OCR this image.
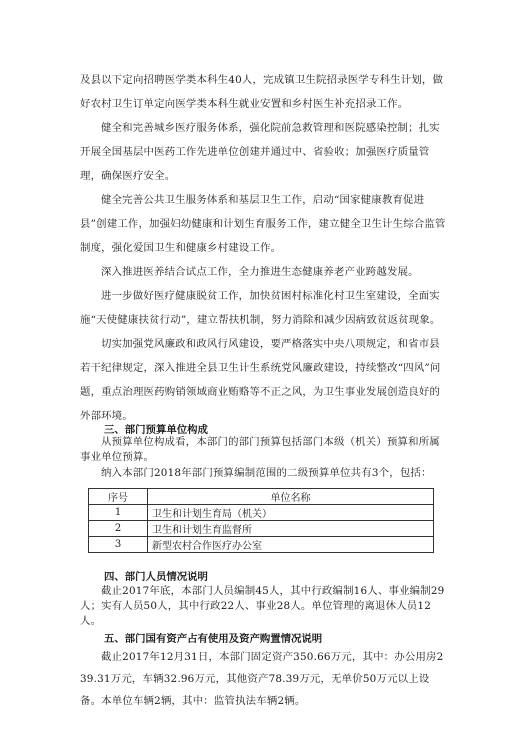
及县以下定向招聘医学类本科生40人，完成镇卫生院招录医学专科生计划，做好农村卫生订单定向医学类本科生就业安置和乡村医生补充招录工作。

健全和完善城乡医疗服务体系，强化院前急救管理和医院感染控制；扎实开展全国基层中医药工作先进单位创建并通过中、省验收；加强医疗质量管理，确保医疗安全。

健全完善公共卫生服务体系和基层卫生工作，启动“国家健康教育促进县”创建工作，加强妇幼健康和计划生育服务工作，建立健全卫生计生综合监管制度，强化爱国卫生和健康乡村建设工作。

深入推进医养结合试点工作，全力推进生态健康养老产业跨越发展。

进一步做好医疗健康脱贫工作，加快贫困村标准化村卫生室建设，全面实施“天使健康扶贫行动”，建立帮扶机制，努力消除和减少因病致贫返贫现象。

切实加强党风廉政和政风行风建设，要严格落实中央八项规定，和省市县若干纪律规定，深入推进全县卫生计生系统党风廉政建设，持续整改“四风”问题，重点治理医药购销领域商业贿赂等不正之风，为卫生事业发展创造良好的外部环境。

三、部门预算单位构成

从预算单位构成看，本部门的部门预算包括部门本级（机关）预算和所属事业单位预算。

纳入本部门2018年部门预算编制范围的二级预算单位共有3个，包括：

序号	单位名称
1	卫生和计划生育局（机关）
2	卫生和计划生育监督所
3	新型农村合作医疗办公室
四、部门人员情况说明

截止2017年底，本部门人员编制45人，其中行政编制16人、事业编制29人；实有人员50人，其中行政22人、事业28人。单位管理的离退休人员12人。

五、部门国有资产占有使用及资产购置情况说明

截止2017年12月31日，本部门固定资产350.66万元，其中：办公用房239.31万元，车辆32.96万元，其他资产78.39万元，无单价50万元以上设备。本单位车辆2辆，其中：监管执法车辆2辆。
